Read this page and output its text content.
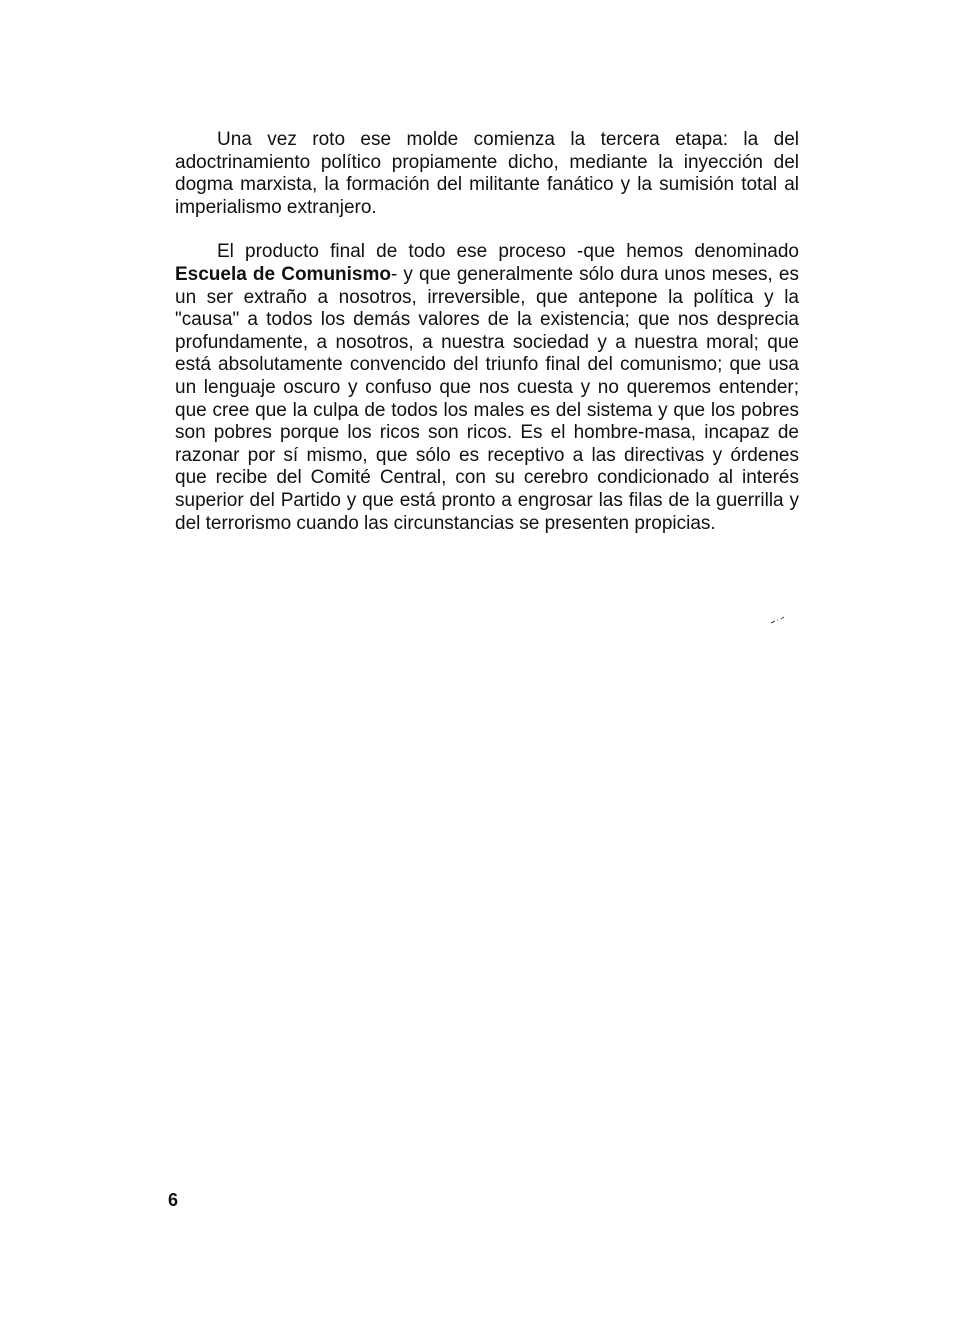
Una vez roto ese molde comienza la tercera etapa: la del adoctrinamiento político propiamente dicho, mediante la inyección del dogma marxista, la formación del militante fanático y la sumisión total al imperialismo extranjero.

El producto final de todo ese proceso -que hemos denominado Escuela de Comunismo- y que generalmente sólo dura unos meses, es un ser extraño a nosotros, irreversible, que antepone la política y la "causa" a todos los demás valores de la existencia; que nos desprecia profundamente, a nosotros, a nuestra sociedad y a nuestra moral; que está absolutamente convencido del triunfo final del comunismo; que usa un lenguaje oscuro y confuso que nos cuesta y no queremos entender; que cree que la culpa de todos los males es del sistema y que los pobres son pobres porque los ricos son ricos. Es el hombre-masa, incapaz de razonar por sí mismo, que sólo es receptivo a las directivas y órdenes que recibe del Comité Central, con su cerebro condicionado al interés superior del Partido y que está pronto a engrosar las filas de la guerrilla y del terrorismo cuando las circunstancias se presenten propicias.

6
